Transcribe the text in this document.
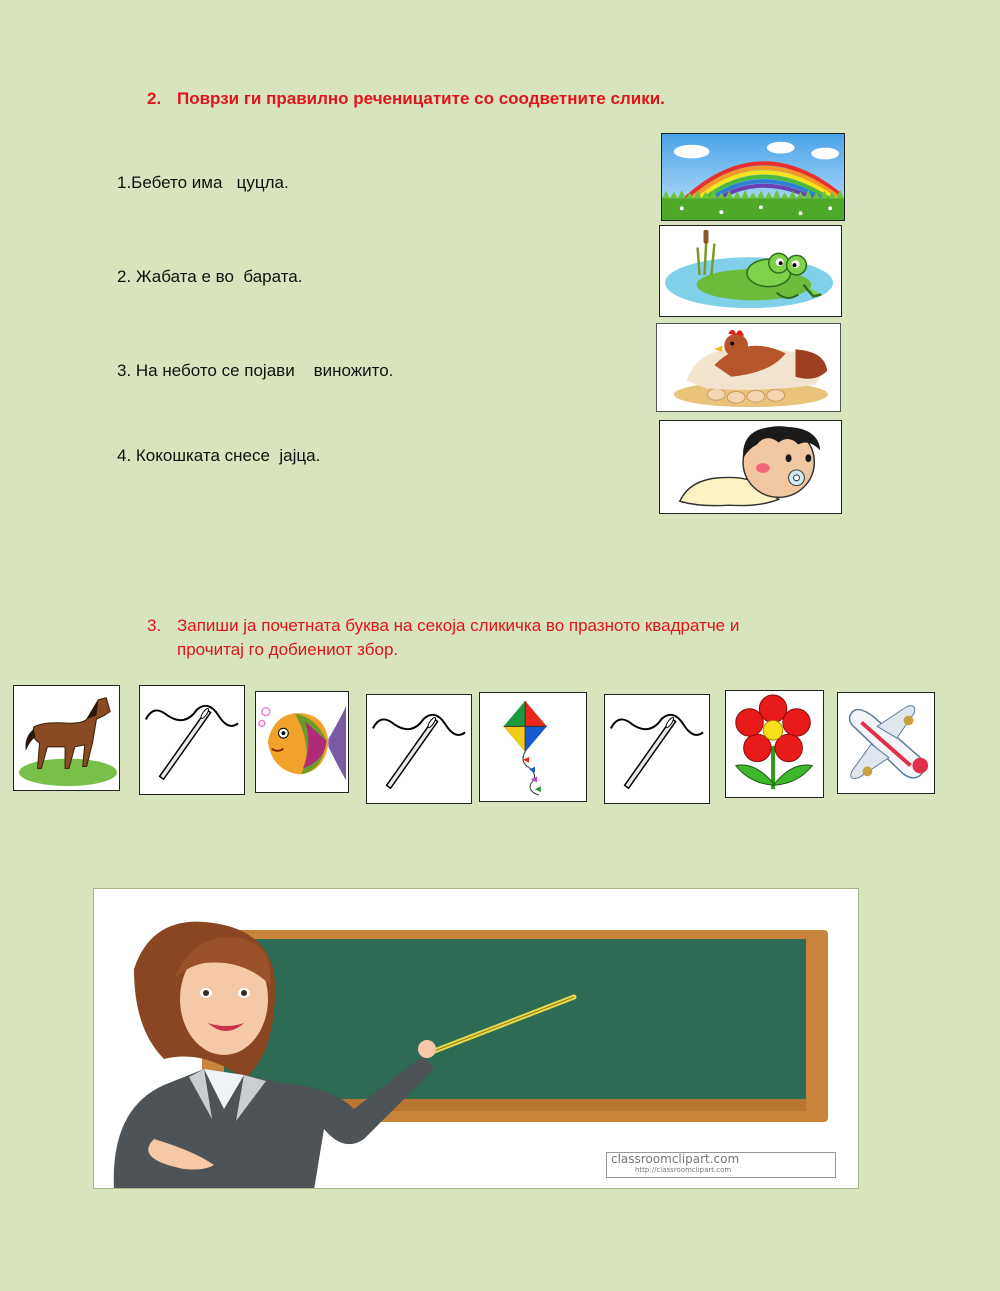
2. Поврзи ги правилно реченицатите со соодветните слики.
1.Бебето има   цуцла.
2. Жабата е во  барата.
3. На небото се појави    виножито.
4. Кокошката снесе  јајца.
3. Запиши ја почетната буква на секоја сликичка во празното квадратче и
прочитај го добиениот збор.
classroomclipart.com
http://classroomclipart.com
